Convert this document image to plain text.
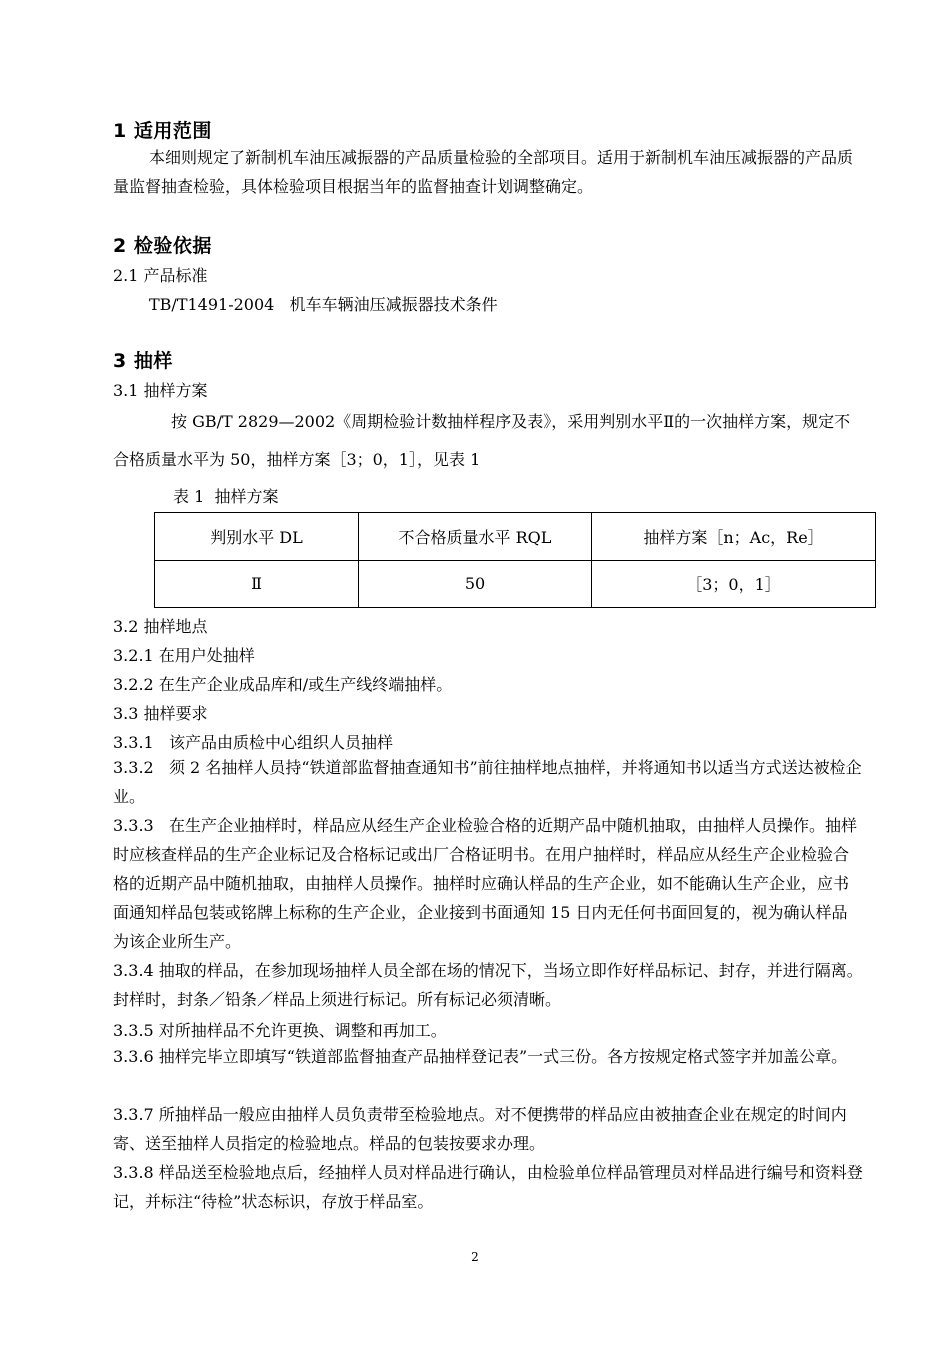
1 适用范围
本细则规定了新制机车油压减振器的产品质量检验的全部项目。适用于新制机车油压减振器的产品质量监督抽查检验，具体检验项目根据当年的监督抽查计划调整确定。
2 检验依据
2.1 产品标准
TB/T1491-2004   机车车辆油压减振器技术条件
3 抽样
3.1 抽样方案
按 GB/T 2829—2002《周期检验计数抽样程序及表》，采用判别水平Ⅱ的一次抽样方案，规定不合格质量水平为 50，抽样方案［3；0，1］，见表 1
表 1  抽样方案
3.2 抽样地点
3.2.1 在用户处抽样
3.2.2 在生产企业成品库和/或生产线终端抽样。
3.3 抽样要求
3.3.1   该产品由质检中心组织人员抽样
3.3.2   须 2 名抽样人员持“铁道部监督抽查通知书”前往抽样地点抽样，并将通知书以适当方式送达被检企业。
3.3.3   在生产企业抽样时，样品应从经生产企业检验合格的近期产品中随机抽取，由抽样人员操作。抽样时应核查样品的生产企业标记及合格标记或出厂合格证明书。在用户抽样时，样品应从经生产企业检验合格的近期产品中随机抽取，由抽样人员操作。抽样时应确认样品的生产企业，如不能确认生产企业，应书面通知样品包装或铭牌上标称的生产企业，企业接到书面通知 15 日内无任何书面回复的，视为确认样品为该企业所生产。
3.3.4 抽取的样品，在参加现场抽样人员全部在场的情况下，当场立即作好样品标记、封存，并进行隔离。封样时，封条／铅条／样品上须进行标记。所有标记必须清晰。
3.3.5 对所抽样品不允许更换、调整和再加工。
3.3.6 抽样完毕立即填写“铁道部监督抽查产品抽样登记表”一式三份。各方按规定格式签字并加盖公章。
3.3.7 所抽样品一般应由抽样人员负责带至检验地点。对不便携带的样品应由被抽查企业在规定的时间内寄、送至抽样人员指定的检验地点。样品的包装按要求办理。
3.3.8 样品送至检验地点后，经抽样人员对样品进行确认，由检验单位样品管理员对样品进行编号和资料登记，并标注“待检”状态标识，存放于样品室。
判别水平 DL	不合格质量水平 RQL	抽样方案［n；Ac，Re］
Ⅱ	50	［3；0，1］
2
